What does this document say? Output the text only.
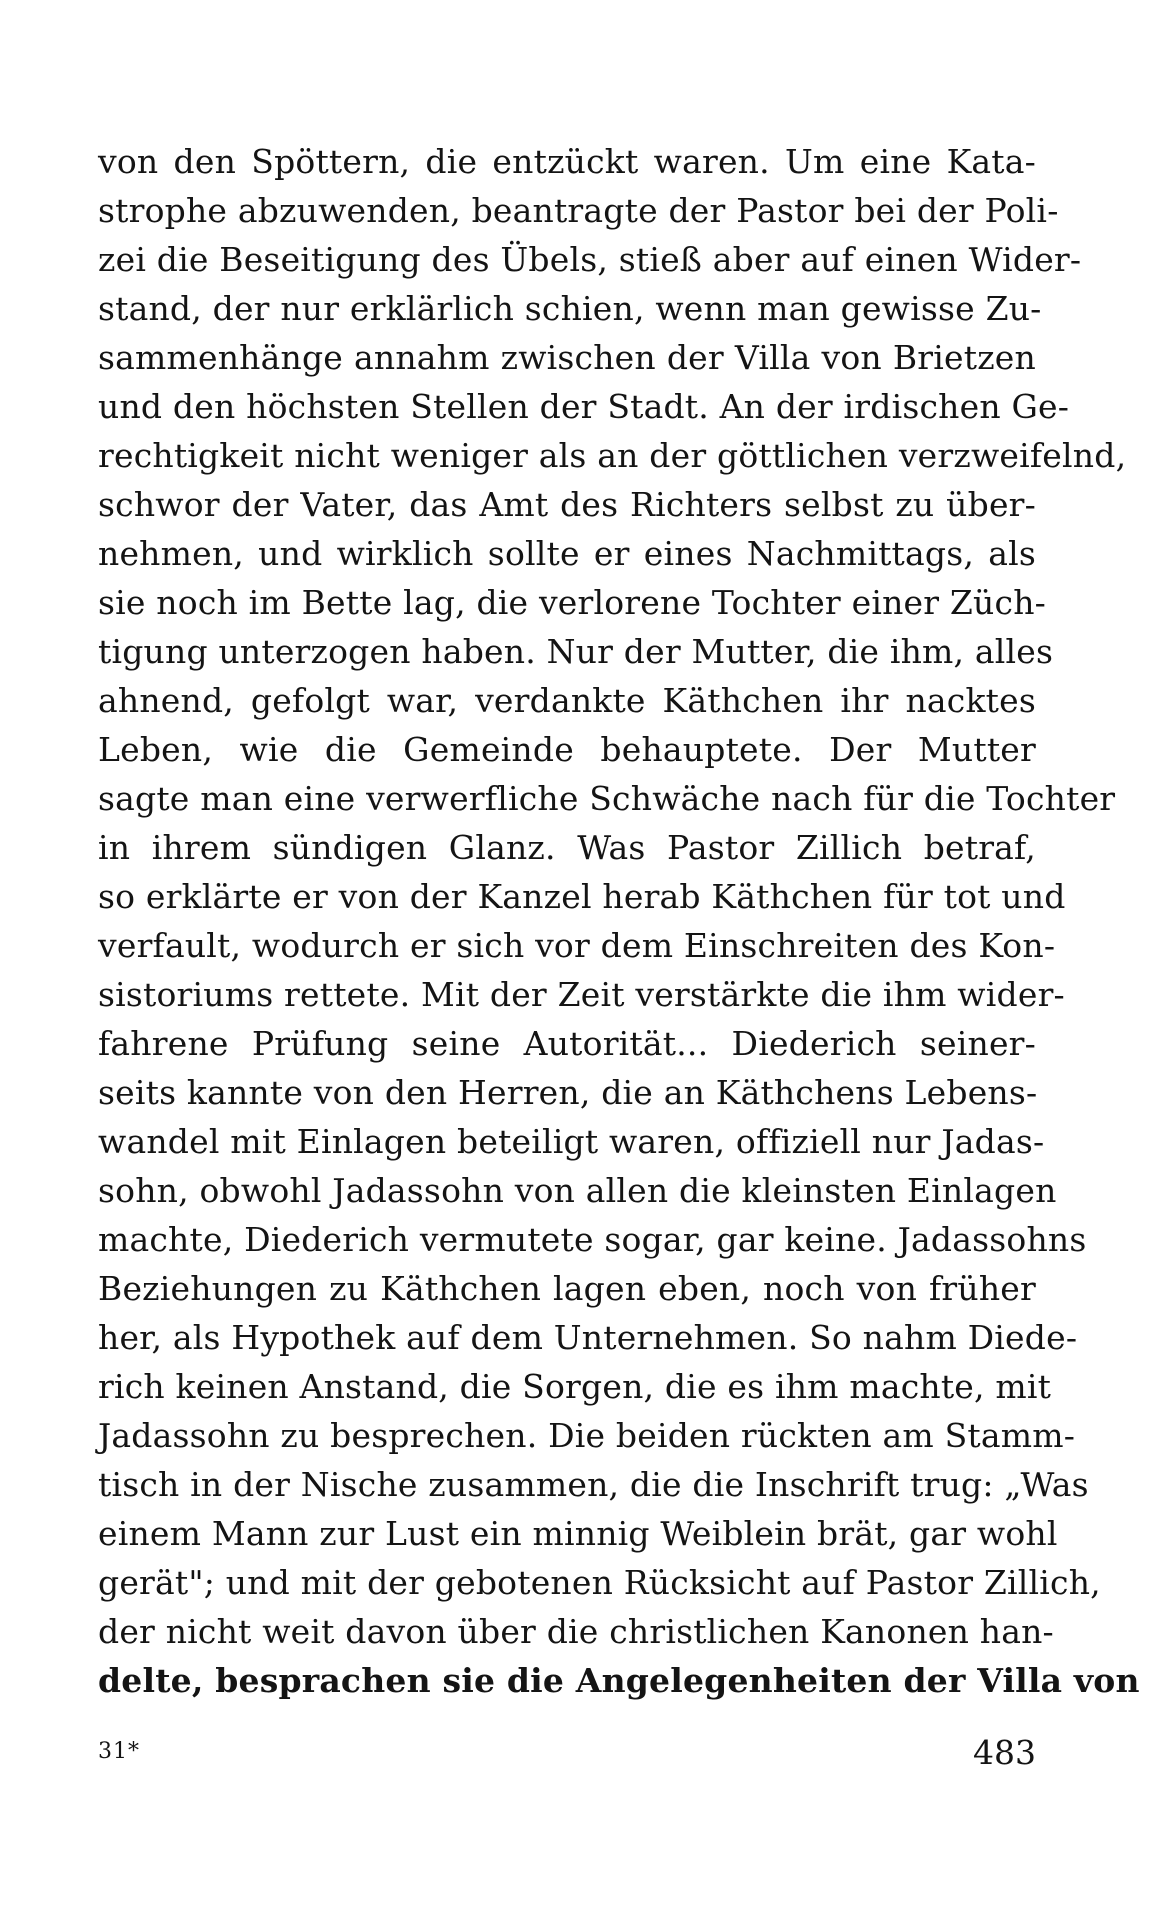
von den Spöttern, die entzückt waren. Um eine Kata-
strophe abzuwenden, beantragte der Pastor bei der Poli-
zei die Beseitigung des Übels, stieß aber auf einen Wider-
stand, der nur erklärlich schien, wenn man gewisse Zu-
sammenhänge annahm zwischen der Villa von Brietzen
und den höchsten Stellen der Stadt. An der irdischen Ge-
rechtigkeit nicht weniger als an der göttlichen verzweifelnd,
schwor der Vater, das Amt des Richters selbst zu über-
nehmen, und wirklich sollte er eines Nachmittags, als
sie noch im Bette lag, die verlorene Tochter einer Züch-
tigung unterzogen haben. Nur der Mutter, die ihm, alles
ahnend, gefolgt war, verdankte Käthchen ihr nacktes
Leben, wie die Gemeinde behauptete. Der Mutter
sagte man eine verwerfliche Schwäche nach für die Tochter
in ihrem sündigen Glanz. Was Pastor Zillich betraf,
so erklärte er von der Kanzel herab Käthchen für tot und
verfault, wodurch er sich vor dem Einschreiten des Kon-
sistoriums rettete. Mit der Zeit verstärkte die ihm wider-
fahrene Prüfung seine Autorität... Diederich seiner-
seits kannte von den Herren, die an Käthchens Lebens-
wandel mit Einlagen beteiligt waren, offiziell nur Jadas-
sohn, obwohl Jadassohn von allen die kleinsten Einlagen
machte, Diederich vermutete sogar, gar keine. Jadassohns
Beziehungen zu Käthchen lagen eben, noch von früher
her, als Hypothek auf dem Unternehmen. So nahm Diede-
rich keinen Anstand, die Sorgen, die es ihm machte, mit
Jadassohn zu besprechen. Die beiden rückten am Stamm-
tisch in der Nische zusammen, die die Inschrift trug: „Was
einem Mann zur Lust ein minnig Weiblein brät, gar wohl
gerät"; und mit der gebotenen Rücksicht auf Pastor Zillich,
der nicht weit davon über die christlichen Kanonen han-
delte, besprachen sie die Angelegenheiten der Villa von
31*	483
